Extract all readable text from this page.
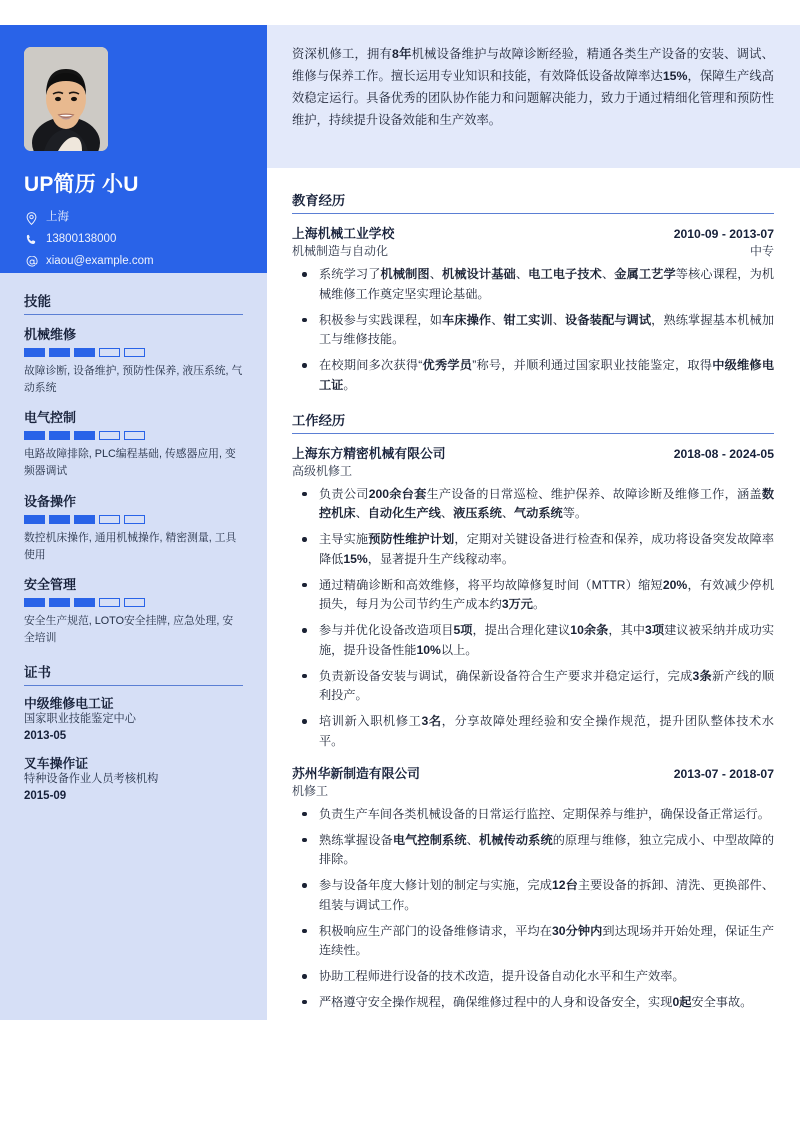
UP简历 小U
上海
13800138000
xiaou@example.com
技能
机械维修
故障诊断, 设备维护, 预防性保养, 液压系统, 气动系统
电气控制
电路故障排除, PLC编程基础, 传感器应用, 变频器调试
设备操作
数控机床操作, 通用机械操作, 精密测量, 工具使用
安全管理
安全生产规范, LOTO安全挂牌, 应急处理, 安全培训
证书
中级维修电工证
国家职业技能鉴定中心
2013-05
叉车操作证
特种设备作业人员考核机构
2015-09
资深机修工，拥有8年机械设备维护与故障诊断经验，精通各类生产设备的安装、调试、维修与保养工作。擅长运用专业知识和技能，有效降低设备故障率达15%，保障生产线高效稳定运行。具备优秀的团队协作能力和问题解决能力，致力于通过精细化管理和预防性维护，持续提升设备效能和生产效率。
教育经历
上海机械工业学校	2010-09 - 2013-07
机械制造与自动化	中专
系统学习了机械制图、机械设计基础、电工电子技术、金属工艺学等核心课程，为机械维修工作奠定坚实理论基础。
积极参与实践课程，如车床操作、钳工实训、设备装配与调试，熟练掌握基本机械加工与维修技能。
在校期间多次获得“优秀学员”称号，并顺利通过国家职业技能鉴定，取得中级维修电工证。
工作经历
上海东方精密机械有限公司	2018-08 - 2024-05
高级机修工
负责公司200余台套生产设备的日常巡检、维护保养、故障诊断及维修工作，涵盖数控机床、自动化生产线、液压系统、气动系统等。
主导实施预防性维护计划，定期对关键设备进行检查和保养，成功将设备突发故障率降低15%，显著提升生产线稼动率。
通过精确诊断和高效维修，将平均故障修复时间（MTTR）缩短20%，有效减少停机损失，每月为公司节约生产成本约3万元。
参与并优化设备改造项目5项，提出合理化建议10余条，其中3项建议被采纳并成功实施，提升设备性能10%以上。
负责新设备安装与调试，确保新设备符合生产要求并稳定运行，完成3条新产线的顺利投产。
培训新入职机修工3名，分享故障处理经验和安全操作规范，提升团队整体技术水平。
苏州华新制造有限公司	2013-07 - 2018-07
机修工
负责生产车间各类机械设备的日常运行监控、定期保养与维护，确保设备正常运行。
熟练掌握设备电气控制系统、机械传动系统的原理与维修，独立完成小、中型故障的排除。
参与设备年度大修计划的制定与实施，完成12台主要设备的拆卸、清洗、更换部件、组装与调试工作。
积极响应生产部门的设备维修请求，平均在30分钟内到达现场并开始处理，保证生产连续性。
协助工程师进行设备的技术改造，提升设备自动化水平和生产效率。
严格遵守安全操作规程，确保维修过程中的人身和设备安全，实现0起安全事故。
